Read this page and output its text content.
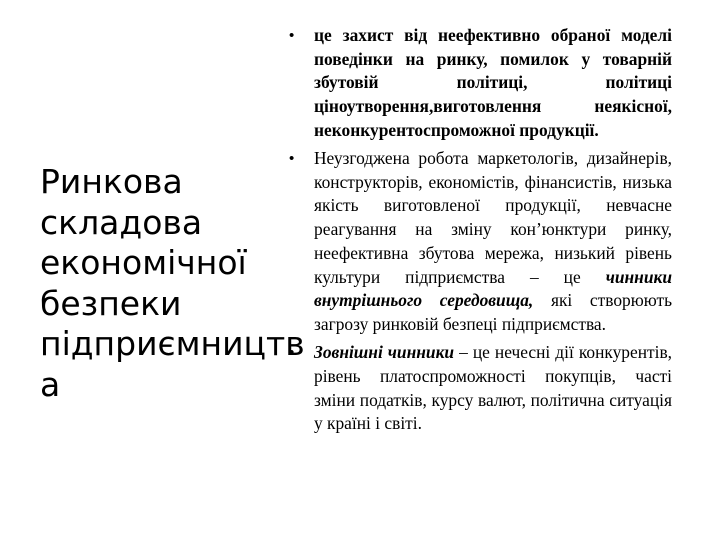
Ринкова
складова
економічної
безпеки
підприємництв
а
• це захист від неефективно обраної моделі поведінки на ринку, помилок у товарній збутовій політиці, політиці ціноутворення,виготовлення неякісної, неконкурентоспроможної продукції.
• Неузгоджена робота маркетологів, дизайнерів, конструкторів, економістів, фінансистів, низька якість виготовленої продукції, невчасне реагування на зміну кон’юнктури ринку, неефективна збутова мережа, низький рівень культури підприємства – це чинники внутрішнього середовища, які створюють загрозу ринковій безпеці підприємства.
• Зовнішні чинники – це нечесні дії конкурентів, рівень платоспроможності покупців, часті зміни податків, курсу валют, політична ситуація у країні і світі.
